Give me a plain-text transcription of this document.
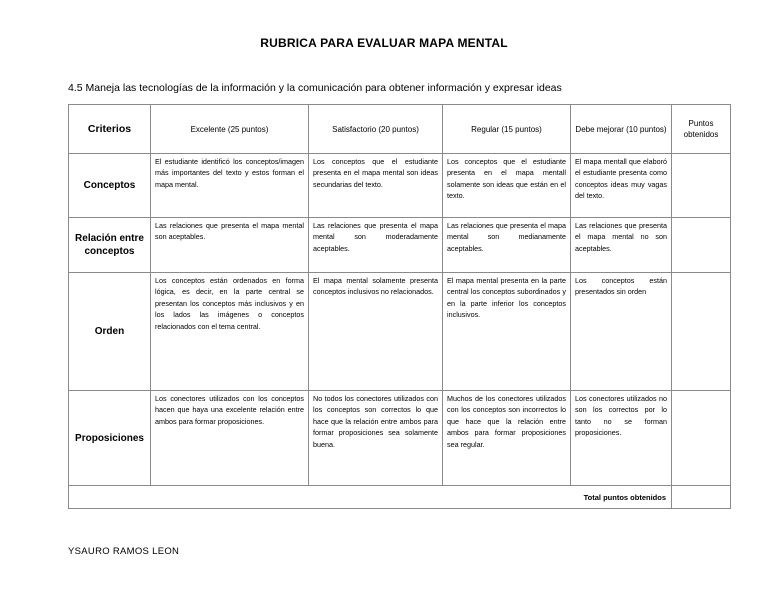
RUBRICA PARA EVALUAR MAPA MENTAL
4.5 Maneja las tecnologías de la información y la comunicación para obtener información y expresar ideas
Criterios	Excelente (25 puntos)	Satisfactorio (20 puntos)	Regular (15 puntos)	Debe mejorar (10 puntos)	Puntos obtenidos
Conceptos	El estudiante identificó los conceptos/imagen más importantes del texto y estos forman el mapa mental.	Los conceptos que el estudiante presenta en el mapa mental son ideas secundarias del texto.	Los conceptos que el estudiante presenta en el mapa mentall solamente son ideas que están en el texto.	El mapa mentall que elaboró el estudiante presenta como conceptos ideas muy vagas del texto.	
Relación entre conceptos	Las relaciones que presenta el mapa mental son aceptables.	Las relaciones que presenta el mapa mental son moderadamente aceptables.	Las relaciones que presenta el mapa mental son medianamente aceptables.	Las relaciones que presenta el mapa mental no son aceptables.	
Orden	Los conceptos están ordenados en forma lógica, es decir, en la parte central se presentan los conceptos más inclusivos y en los lados las imágenes o conceptos relacionados con el tema central.	El mapa mental solamente presenta conceptos inclusivos no relacionados.	El mapa mental presenta en la parte central los conceptos subordinados y en la parte inferior los conceptos inclusivos.	Los conceptos están presentados sin orden	
Proposiciones	Los conectores utilizados con los conceptos hacen que haya una excelente relación entre ambos para formar proposiciones.	No todos los conectores utilizados con los conceptos son correctos lo que hace que la relación entre ambos para formar proposiciones sea solamente buena.	Muchos de los conectores utilizados con los conceptos son incorrectos lo que hace que la relación entre ambos para formar proposiciones sea regular.	Los conectores utilizados no son los correctos por lo tanto no se forman proposiciones.	
Total puntos obtenidos					
YSAURO RAMOS LEON
